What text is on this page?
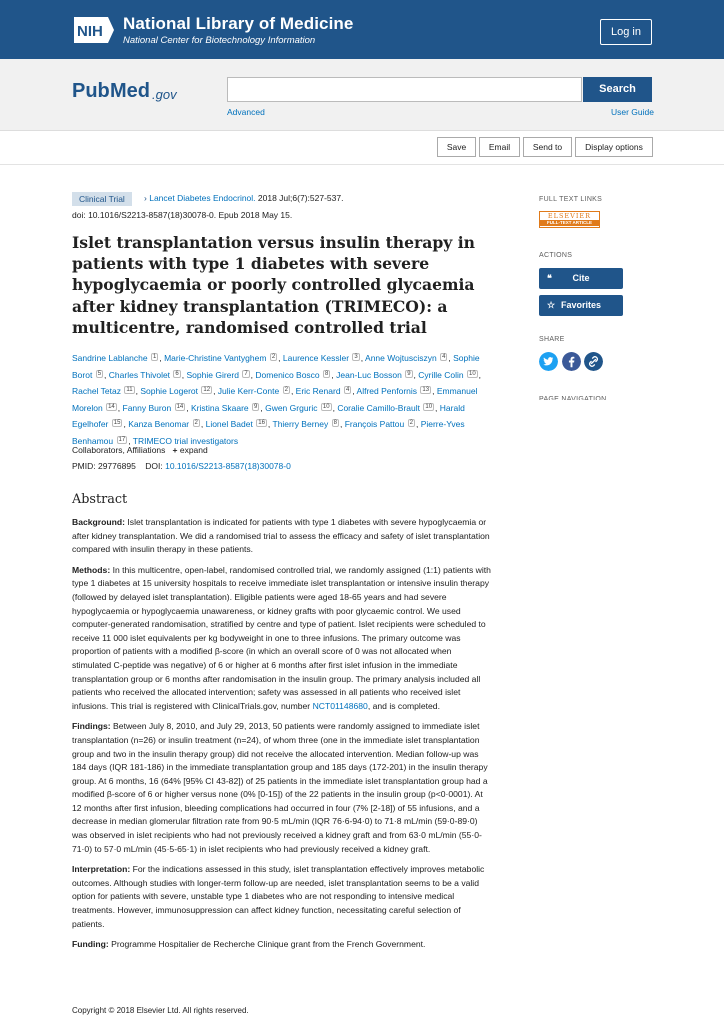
NIH National Library of Medicine
National Center for Biotechnology Information
Log in
Pub Med .gov	Search
Advanced	User Guide
Save	Email	Send to	Display options
Clinical Trial	› Lancet Diabetes Endocrinol. 2018 Jul;6(7):527-537.
doi: 10.1016/S2213-8587(18)30078-0. Epub 2018 May 15.
Islet transplantation versus insulin therapy in patients with type 1 diabetes with severe hypoglycaemia or poorly controlled glycaemia after kidney transplantation (TRIMECO): a multicentre, randomised controlled trial
Sandrine Lablanche $^1$ , Marie-Christine Vantyghem $^2$ , Laurence Kessler $^3$ , Anne Wojtusciszyn $^4$ , Sophie Borot $^5$ , Charles Thivolet $^6$ , Sophie Girerd $^7$ , Domenico Bosco $^8$ , Jean-Luc Bosson $^9$ , Cyrille Colin $^{10}$ , Rachel Tetaz $^{11}$ , Sophie Logerot $^{12}$ , Julie Kerr-Conte $^2$ , Eric Renard $^4$ , Alfred Penfornis $^{13}$ , Emmanuel Morelon $^{14}$ , Fanny Buron $^{14}$ , Kristina Skaare $^9$ , Gwen Grguric $^{10}$ , Coralie Camillo-Brault $^{10}$ , Harald Egelhofer $^{15}$ , Kanza Benomar $^2$ , Lionel Badet $^{16}$ , Thierry Berney $^8$ , François Pattou $^2$ , Pierre-Yves Benhamou $^{17}$ , TRIMECO trial investigators
Collaborators, Affiliations + expand
PMID: 29776895 DOI: 10.1016/S2213-8587(18)30078-0
Abstract

Background: Islet transplantation is indicated for patients with type 1 diabetes with severe hypoglycaemia or after kidney transplantation. We did a randomised trial to assess the efficacy and safety of islet transplantation compared with insulin therapy in these patients.

Methods: In this multicentre, open-label, randomised controlled trial, we randomly assigned (1:1) patients with type 1 diabetes at 15 university hospitals to receive immediate islet transplantation or intensive insulin therapy (followed by delayed islet transplantation). Eligible patients were aged 18-65 years and had severe hypoglycaemia or hypoglycaemia unawareness, or kidney grafts with poor glycaemic control. We used computer-generated randomisation, stratified by centre and type of patient. Islet recipients were scheduled to receive 11 000 islet equivalents per kg bodyweight in one to three infusions. The primary outcome was proportion of patients with a modified β-score (in which an overall score of 0 was not allocated when stimulated C-peptide was negative) of 6 or higher at 6 months after first islet infusion in the immediate transplantation group or 6 months after randomisation in the insulin group. The primary analysis included all patients who received the allocated intervention; safety was assessed in all patients who received islet infusions. This trial is registered with ClinicalTrials.gov, number NCT01148680, and is completed.

Findings: Between July 8, 2010, and July 29, 2013, 50 patients were randomly assigned to immediate islet transplantation (n=26) or insulin treatment (n=24), of whom three (one in the immediate islet transplantation group and two in the insulin therapy group) did not receive the allocated intervention. Median follow-up was 184 days (IQR 181-186) in the immediate transplantation group and 185 days (172-201) in the insulin therapy group. At 6 months, 16 (64% [95% CI 43-82]) of 25 patients in the immediate islet transplantation group had a modified β-score of 6 or higher versus none (0% [0-15]) of the 22 patients in the insulin group (p<0·0001). At 12 months after first infusion, bleeding complications had occurred in four (7% [2-18]) of 55 infusions, and a decrease in median glomerular filtration rate from 90·5 mL/min (IQR 76·6-94·0) to 71·8 mL/min (59·0-89·0) was observed in islet recipients who had not previously received a kidney graft and from 63·0 mL/min (55·0-71·0) to 57·0 mL/min (45·5-65·1) in islet recipients who had previously received a kidney graft.

Interpretation: For the indications assessed in this study, islet transplantation effectively improves metabolic outcomes. Although studies with longer-term follow-up are needed, islet transplantation seems to be a valid option for patients with severe, unstable type 1 diabetes who are not responding to intensive medical treatments. However, immunosuppression can affect kidney function, necessitating careful selection of patients.

Funding: Programme Hospitalier de Recherche Clinique grant from the French Government.

Copyright © 2018 Elsevier Ltd. All rights reserved.
FULL TEXT LINKS
ELSEVIER
FULL-TEXT ARTICLE
ACTIONS
❝	Cite
☆ Favorites
SHARE
PAGE NAVIGATION
